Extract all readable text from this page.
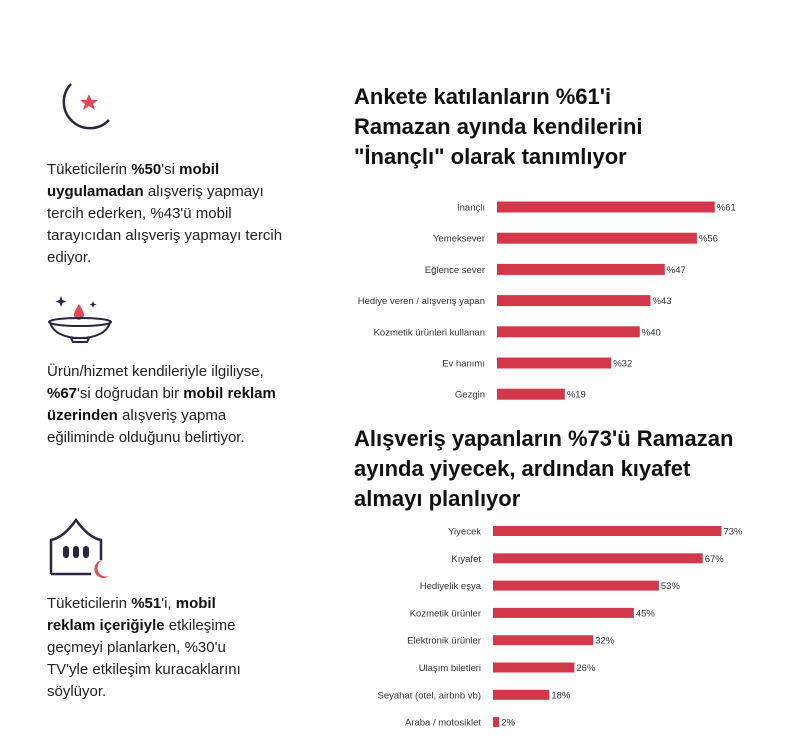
Tüketicilerin %50'si mobil uygulamadan alışveriş yapmayı tercih ederken, %43'ü mobil tarayıcıdan alışveriş yapmayı tercih ediyor.
Ürün/hizmet kendileriyle ilgiliyse, %67'si doğrudan bir mobil reklam üzerinden alışveriş yapma eğiliminde olduğunu belirtiyor.
Tüketicilerin %51'i, mobil reklam içeriğiyle etkileşime geçmeyi planlarken, %30'u TV'yle etkileşim kuracaklarını söylüyor.
Ankete katılanların %61'i Ramazan ayında kendilerini "İnançlı" olarak tanımlıyor
Alışveriş yapanların %73'ü Ramazan ayında yiyecek, ardından kıyafet almayı planlıyor
İnançlı	%61
Yemeksever	%56
Eğlence sever	%47
Hediye veren / alışveriş yapan	%43
Kozmetik ürünleri kullanan	%40
Ev hanımı	%32
Gezgin	%19
Yiyecek	73%
Kıyafet	67%
Hediyelik eşya	53%
Kozmetik ürünler	45%
Elektronik ürünler	32%
Ulaşım biletleri	26%
Seyahat (otel, airbnb vb)	18%
Araba / motosiklet 2%
